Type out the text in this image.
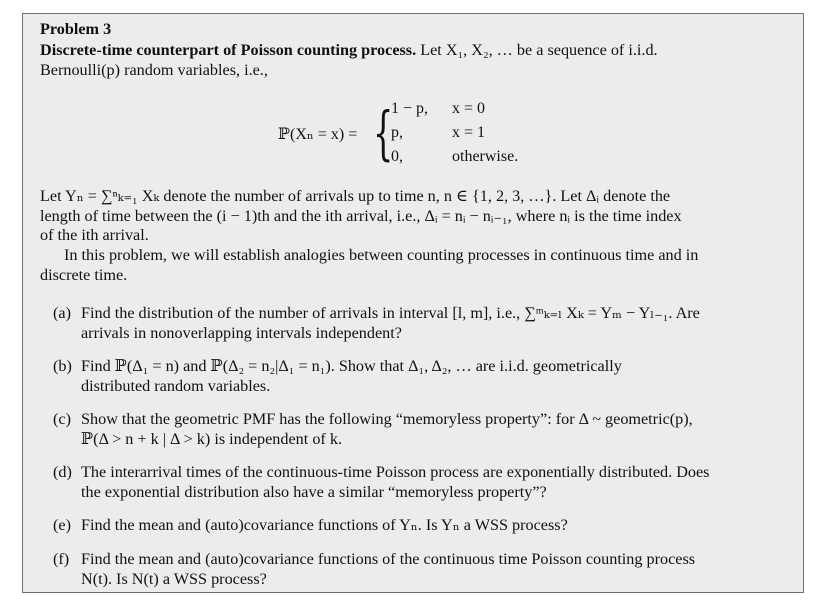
Problem 3
Discrete-time counterpart of Poisson counting process. Let X₁, X₂, … be a sequence of i.i.d.
Bernoulli(p) random variables, i.e.,
ℙ(Xₙ = x) = {
1 − p, x = 0
p,	x = 1
0,	otherwise.
Let Yₙ = ∑ⁿₖ₌₁ Xₖ denote the number of arrivals up to time n, n ∈ {1, 2, 3, …}. Let Δᵢ denote the
length of time between the (i − 1)th and the ith arrival, i.e., Δᵢ = nᵢ − nᵢ₋₁, where nᵢ is the time index
of the ith arrival.
In this problem, we will establish analogies between counting processes in continuous time and in
discrete time.
(a) Find the distribution of the number of arrivals in interval [l, m], i.e., ∑ᵐₖ₌ₗ Xₖ = Yₘ − Yₗ₋₁. Are
arrivals in nonoverlapping intervals independent?
(b) Find ℙ(Δ₁ = n) and ℙ(Δ₂ = n₂|Δ₁ = n₁). Show that Δ₁, Δ₂, … are i.i.d. geometrically
distributed random variables.
(c) Show that the geometric PMF has the following “memoryless property”: for Δ ~ geometric(p),
ℙ(Δ > n + k | Δ > k) is independent of k.
(d) The interarrival times of the continuous-time Poisson process are exponentially distributed. Does
the exponential distribution also have a similar “memoryless property”?
(e) Find the mean and (auto)covariance functions of Yₙ. Is Yₙ a WSS process?
(f) Find the mean and (auto)covariance functions of the continuous time Poisson counting process
N(t). Is N(t) a WSS process?
